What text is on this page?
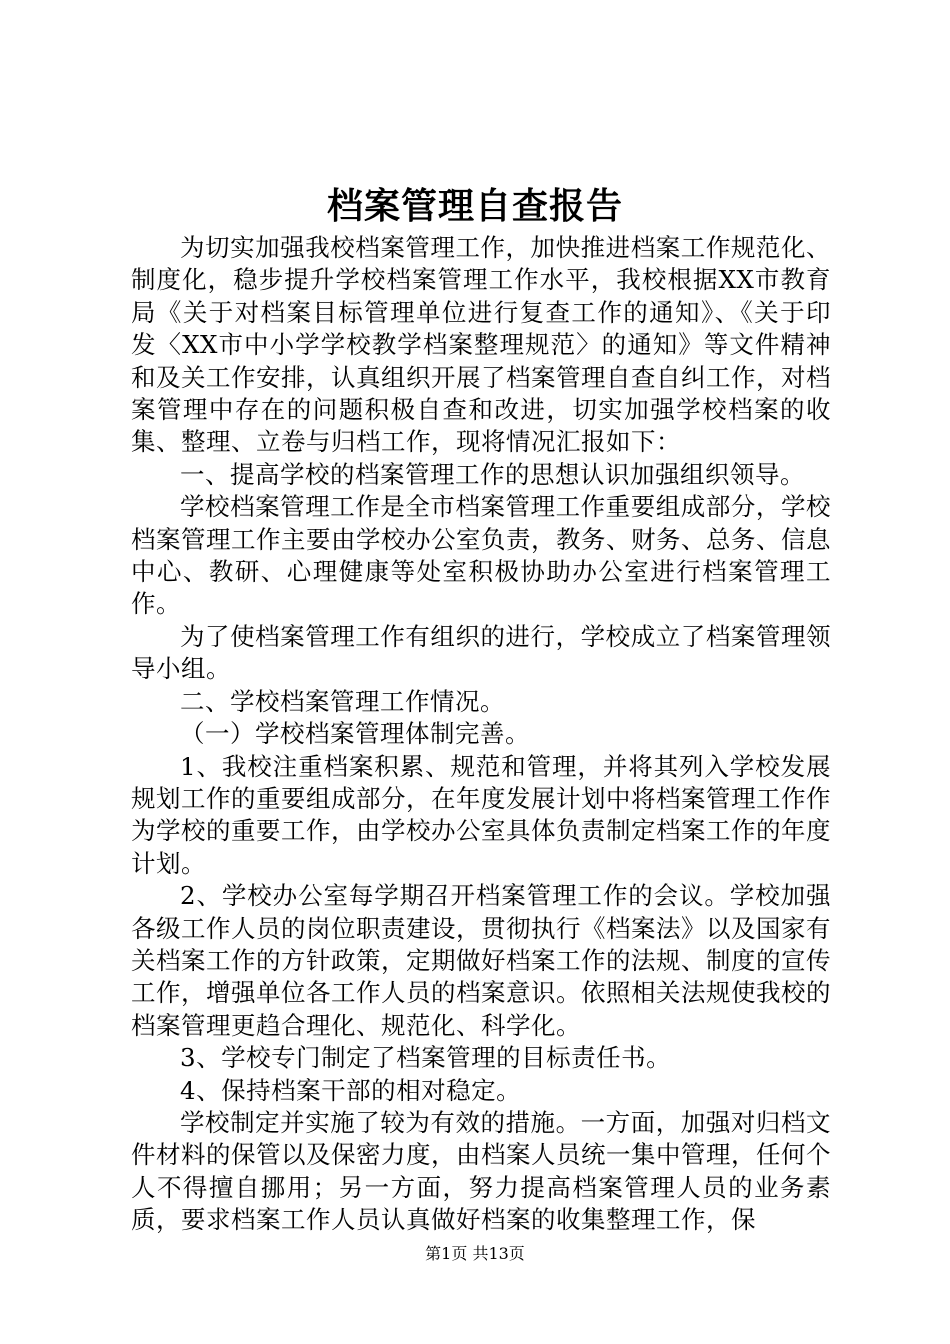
档案管理自查报告

为切实加强我校档案管理工作，加快推进档案工作规范化、制度化，稳步提升学校档案管理工作水平，我校根据XX市教育局《关于对档案目标管理单位进行复查工作的通知》、《关于印发〈XX市中小学学校教学档案整理规范〉的通知》等文件精神和及关工作安排，认真组织开展了档案管理自查自纠工作，对档案管理中存在的问题积极自查和改进，切实加强学校档案的收集、整理、立卷与归档工作，现将情况汇报如下：

一、提高学校的档案管理工作的思想认识加强组织领导。

学校档案管理工作是全市档案管理工作重要组成部分，学校档案管理工作主要由学校办公室负责，教务、财务、总务、信息中心、教研、心理健康等处室积极协助办公室进行档案管理工作。

为了使档案管理工作有组织的进行，学校成立了档案管理领导小组。

二、学校档案管理工作情况。

（一）学校档案管理体制完善。

1、我校注重档案积累、规范和管理，并将其列入学校发展规划工作的重要组成部分，在年度发展计划中将档案管理工作作为学校的重要工作，由学校办公室具体负责制定档案工作的年度计划。

2、学校办公室每学期召开档案管理工作的会议。学校加强各级工作人员的岗位职责建设，贯彻执行《档案法》以及国家有关档案工作的方针政策，定期做好档案工作的法规、制度的宣传工作，增强单位各工作人员的档案意识。依照相关法规使我校的档案管理更趋合理化、规范化、科学化。

3、学校专门制定了档案管理的目标责任书。

4、保持档案干部的相对稳定。

学校制定并实施了较为有效的措施。一方面，加强对归档文件材料的保管以及保密力度，由档案人员统一集中管理，任何个人不得擅自挪用；另一方面，努力提高档案管理人员的业务素质，要求档案工作人员认真做好档案的收集整理工作，保

第1页 共13页
